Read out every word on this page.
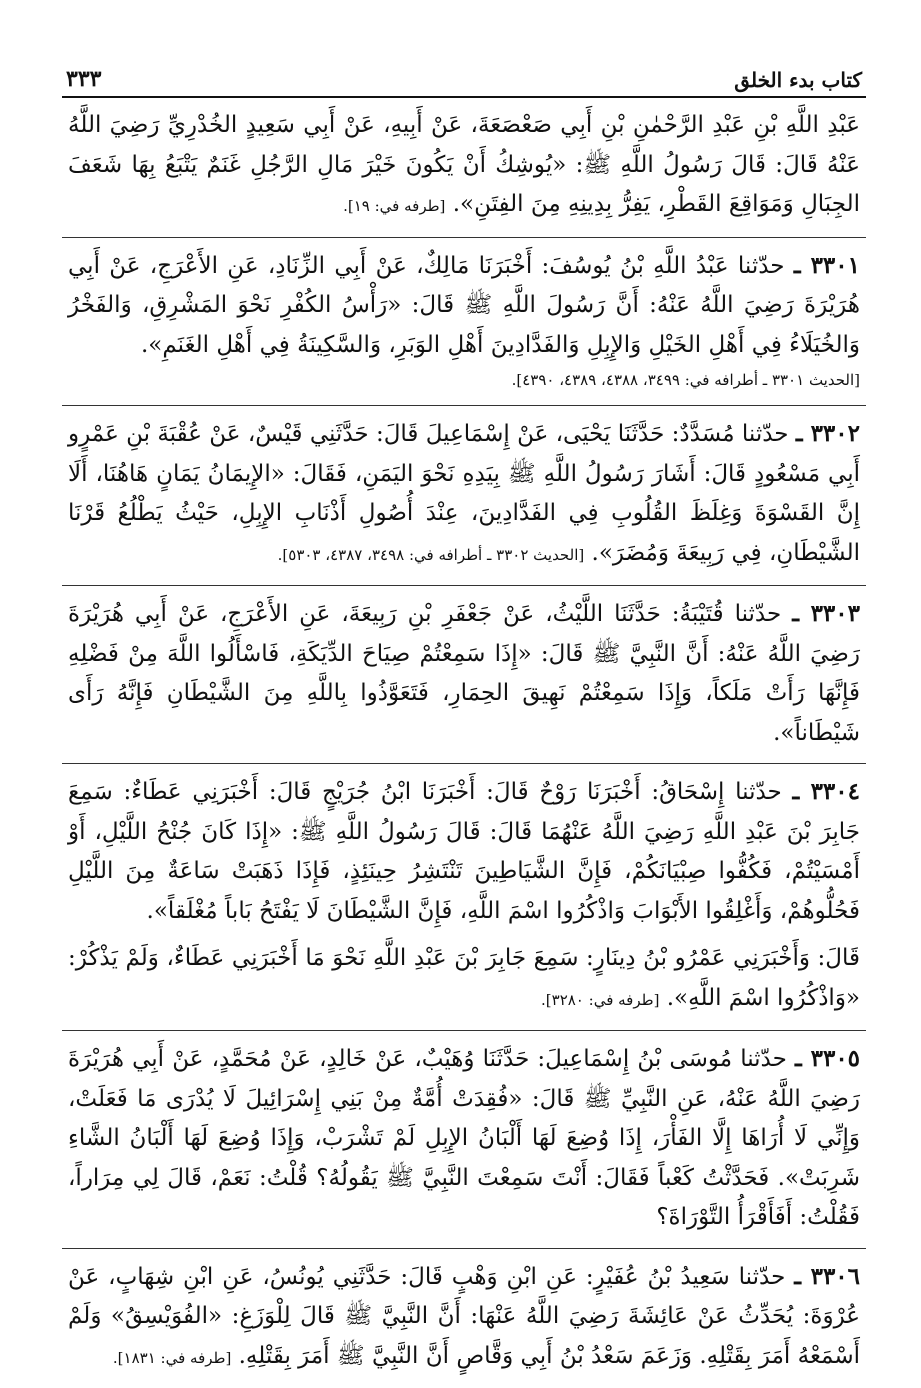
كتاب بدء الخلق
٣٣٣

عَبْدِ اللَّهِ بْنِ عَبْدِ الرَّحْمٰنِ بْنِ أَبِي صَعْصَعَةَ، عَنْ أَبِيهِ، عَنْ أَبِي سَعِيدٍ الخُدْرِيِّ رَضِيَ اللَّهُ عَنْهُ قَالَ: قَالَ رَسُولُ اللَّهِ ﷺ: «يُوشِكُ أَنْ يَكُونَ خَيْرَ مَالِ الرَّجُلِ غَنَمٌ يَتْبَعُ بِهَا شَعَفَ الجِبَالِ وَمَوَاقِعَ القَطْرِ، يَفِرُّ بِدِينِهِ مِنَ الفِتَنِ». [طرفه في: ١٩].

٣٣٠١ ـ حدّثنا عَبْدُ اللَّهِ بْنُ يُوسُفَ: أَخْبَرَنَا مَالِكٌ، عَنْ أَبِي الزِّنَادِ، عَنِ الأَعْرَجِ، عَنْ أَبِي هُرَيْرَةَ رَضِيَ اللَّهُ عَنْهُ: أَنَّ رَسُولَ اللَّهِ ﷺ قَالَ: «رَأْسُ الكُفْرِ نَحْوَ المَشْرِقِ، وَالفَخْرُ وَالخُيَلَاءُ فِي أَهْلِ الخَيْلِ وَالإِبِلِ وَالفَدَّادِينَ أَهْلِ الوَبَرِ، وَالسَّكِينَةُ فِي أَهْلِ الغَنَمِ».

[الحديث ٣٣٠١ ـ أطرافه في: ٣٤٩٩، ٤٣٨٨، ٤٣٨٩، ٤٣٩٠].

٣٣٠٢ ـ حدّثنا مُسَدَّدٌ: حَدَّثَنَا يَحْيَى، عَنْ إِسْمَاعِيلَ قَالَ: حَدَّثَنِي قَيْسٌ، عَنْ عُقْبَةَ بْنِ عَمْرٍو أَبِي مَسْعُودٍ قَالَ: أَشَارَ رَسُولُ اللَّهِ ﷺ بِيَدِهِ نَحْوَ اليَمَنِ، فَقَالَ: «الإِيمَانُ يَمَانٍ هَاهُنَا، أَلَا إِنَّ القَسْوَةَ وَغِلَظَ القُلُوبِ فِي الفَدَّادِينَ، عِنْدَ أُصُولِ أَذْنَابِ الإِبِلِ، حَيْثُ يَطْلُعُ قَرْنَا الشَّيْطَانِ، فِي رَبِيعَةَ وَمُضَرَ». [الحديث ٣٣٠٢ ـ أطرافه في: ٣٤٩٨، ٤٣٨٧، ٥٣٠٣].

٣٣٠٣ ـ حدّثنا قُتَيْبَةُ: حَدَّثَنَا اللَّيْثُ، عَنْ جَعْفَرِ بْنِ رَبِيعَةَ، عَنِ الأَعْرَجِ، عَنْ أَبِي هُرَيْرَةَ رَضِيَ اللَّهُ عَنْهُ: أَنَّ النَّبِيَّ ﷺ قَالَ: «إِذَا سَمِعْتُمْ صِيَاحَ الدِّيَكَةِ، فَاسْأَلُوا اللَّهَ مِنْ فَضْلِهِ فَإِنَّهَا رَأَتْ مَلَكاً، وَإِذَا سَمِعْتُمْ نَهِيقَ الحِمَارِ، فَتَعَوَّذُوا بِاللَّهِ مِنَ الشَّيْطَانِ فَإِنَّهُ رَأَى شَيْطَاناً».

٣٣٠٤ ـ حدّثنا إِسْحَاقُ: أَخْبَرَنَا رَوْحٌ قَالَ: أَخْبَرَنَا ابْنُ جُرَيْجٍ قَالَ: أَخْبَرَنِي عَطَاءٌ: سَمِعَ جَابِرَ بْنَ عَبْدِ اللَّهِ رَضِيَ اللَّهُ عَنْهُمَا قَالَ: قَالَ رَسُولُ اللَّهِ ﷺ: «إِذَا كَانَ جُنْحُ اللَّيْلِ، أَوْ أَمْسَيْتُمْ، فَكُفُّوا صِبْيَانَكُمْ، فَإِنَّ الشَّيَاطِينَ تَنْتَشِرُ حِينَئِذٍ، فَإِذَا ذَهَبَتْ سَاعَةٌ مِنَ اللَّيْلِ فَحُلُّوهُمْ، وَأَغْلِقُوا الأَبْوَابَ وَاذْكُرُوا اسْمَ اللَّهِ، فَإِنَّ الشَّيْطَانَ لَا يَفْتَحُ بَاباً مُغْلَقاً».

قَالَ: وَأَخْبَرَنِي عَمْرُو بْنُ دِينَارٍ: سَمِعَ جَابِرَ بْنَ عَبْدِ اللَّهِ نَحْوَ مَا أَخْبَرَنِي عَطَاءٌ، وَلَمْ يَذْكُرْ: «وَاذْكُرُوا اسْمَ اللَّهِ». [طرفه في: ٣٢٨٠].

٣٣٠٥ ـ حدّثنا مُوسَى بْنُ إِسْمَاعِيلَ: حَدَّثَنَا وُهَيْبٌ، عَنْ خَالِدٍ، عَنْ مُحَمَّدٍ، عَنْ أَبِي هُرَيْرَةَ رَضِيَ اللَّهُ عَنْهُ، عَنِ النَّبِيِّ ﷺ قَالَ: «فُقِدَتْ أُمَّةٌ مِنْ بَنِي إِسْرَائِيلَ لَا يُدْرَى مَا فَعَلَتْ، وَإِنِّي لَا أُرَاهَا إِلَّا الفَأْرَ، إِذَا وُضِعَ لَهَا أَلْبَانُ الإِبِلِ لَمْ تَشْرَبْ، وَإِذَا وُضِعَ لَهَا أَلْبَانُ الشَّاءِ شَرِبَتْ». فَحَدَّثْتُ كَعْباً فَقَالَ: أَنْتَ سَمِعْتَ النَّبِيَّ ﷺ يَقُولُهُ؟ قُلْتُ: نَعَمْ، قَالَ لِي مِرَاراً، فَقُلْتُ: أَفَأَقْرَأُ التَّوْرَاةَ؟

٣٣٠٦ ـ حدّثنا سَعِيدُ بْنُ عُفَيْرٍ: عَنِ ابْنِ وَهْبٍ قَالَ: حَدَّثَنِي يُونُسُ، عَنِ ابْنِ شِهَابٍ، عَنْ عُرْوَةَ: يُحَدِّثُ عَنْ عَائِشَةَ رَضِيَ اللَّهُ عَنْهَا: أَنَّ النَّبِيَّ ﷺ قَالَ لِلْوَزَغِ: «الفُوَيْسِقُ» وَلَمْ أَسْمَعْهُ أَمَرَ بِقَتْلِهِ. وَزَعَمَ سَعْدُ بْنُ أَبِي وَقَّاصٍ أَنَّ النَّبِيَّ ﷺ أَمَرَ بِقَتْلِهِ. [طرفه في: ١٨٣١].
